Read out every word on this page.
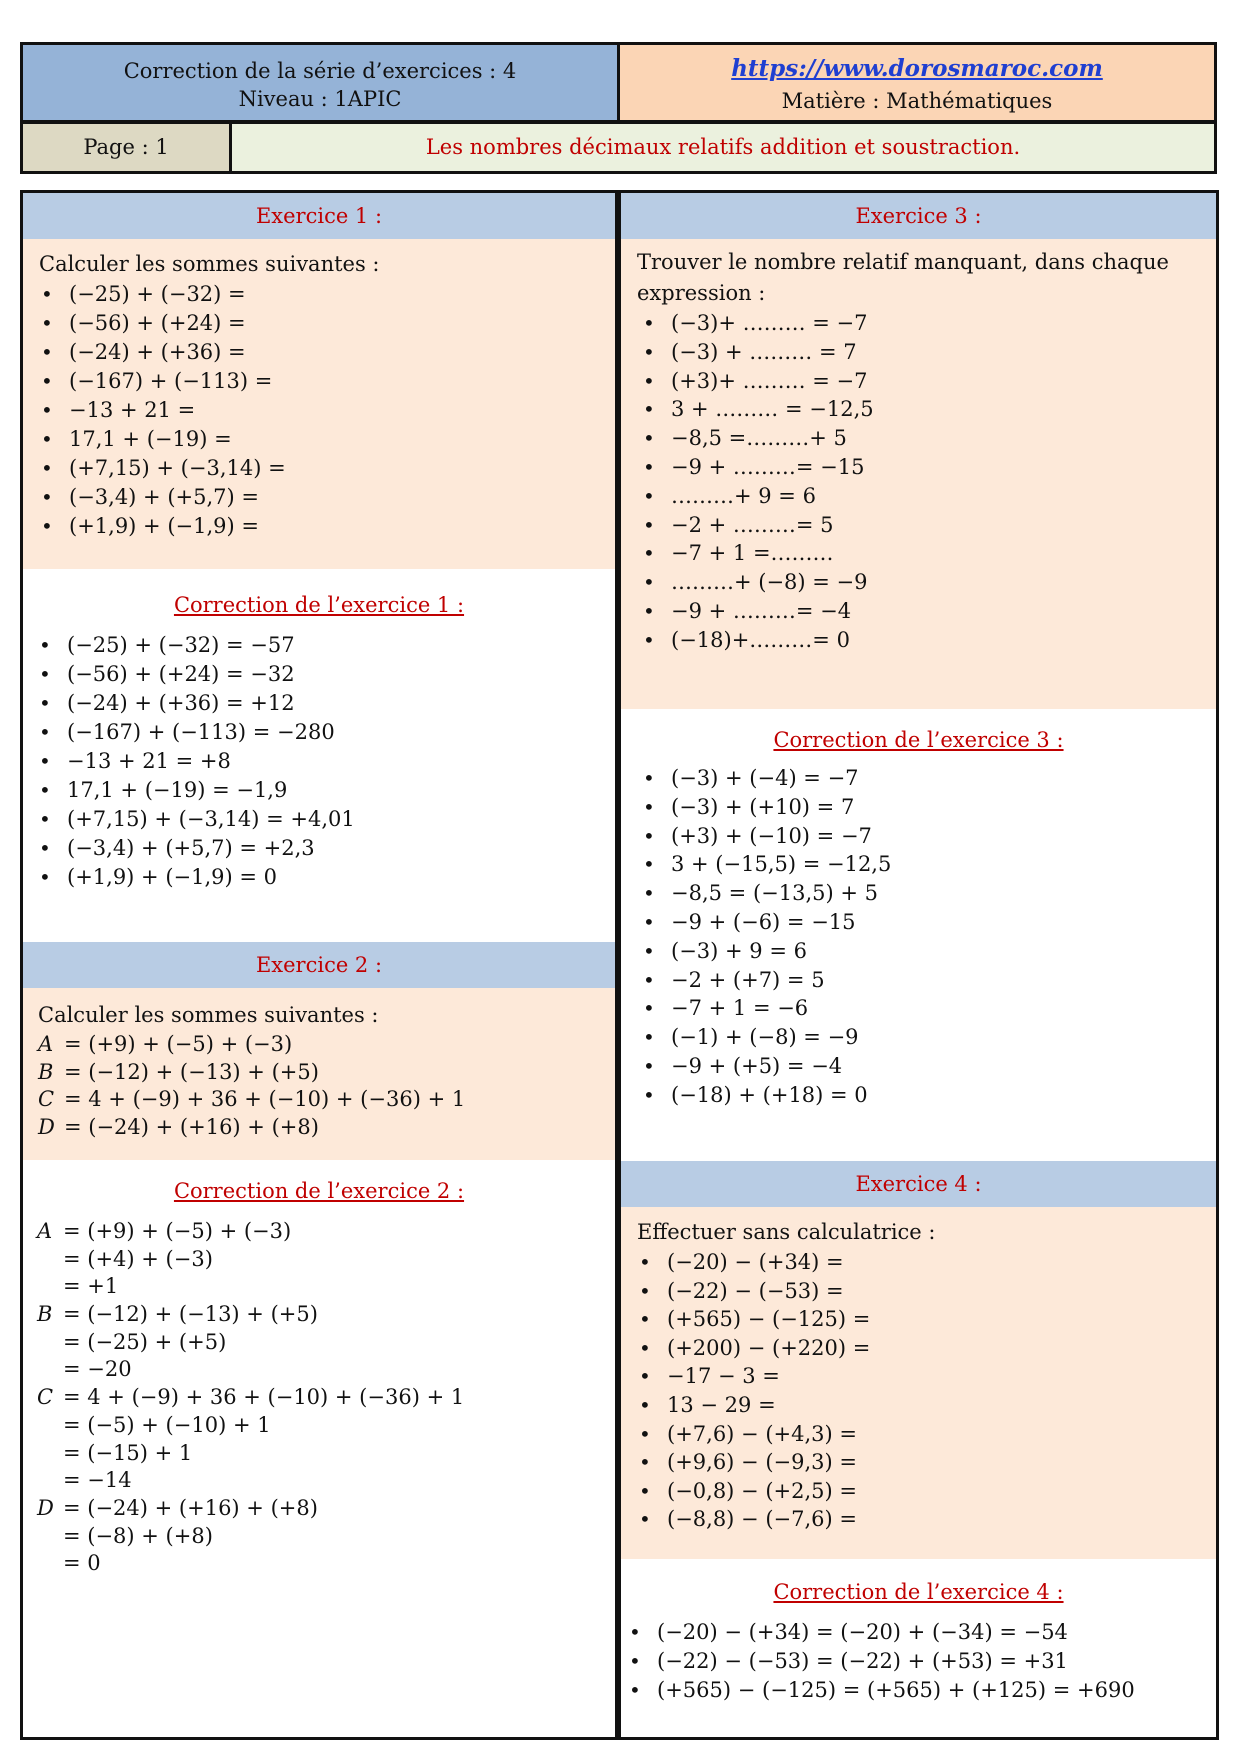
Correction de la série d’exercices : 4
Niveau : 1APIC
https://www.dorosmaroc.com
Matière : Mathématiques
Page : 1	Les nombres décimaux relatifs addition et soustraction.
Exercice 1 :
Calculer les sommes suivantes :
• (−25) + (−32) =
• (−56) + (+24) =
• (−24) + (+36) =
• (−167) + (−113) =
• −13 + 21 =
• 17,1 + (−19) =
• (+7,15) + (−3,14) =
• (−3,4) + (+5,7) =
• (+1,9) + (−1,9) =
Correction de l’exercice 1 :
• (−25) + (−32) = −57
• (−56) + (+24) = −32
• (−24) + (+36) = +12
• (−167) + (−113) = −280
• −13 + 21 = +8
• 17,1 + (−19) = −1,9
• (+7,15) + (−3,14) = +4,01
• (−3,4) + (+5,7) = +2,3
• (+1,9) + (−1,9) = 0
Exercice 2 :
Calculer les sommes suivantes :
A = (+9) + (−5) + (−3)
B = (−12) + (−13) + (+5)
C = 4 + (−9) + 36 + (−10) + (−36) + 1
D = (−24) + (+16) + (+8)
Correction de l’exercice 2 :
A = (+9) + (−5) + (−3)
= (+4) + (−3)
= +1
B = (−12) + (−13) + (+5)
= (−25) + (+5)
= −20
C = 4 + (−9) + 36 + (−10) + (−36) + 1
= (−5) + (−10) + 1
= (−15) + 1
= −14
D = (−24) + (+16) + (+8)
= (−8) + (+8)
= 0
Exercice 3 :
Trouver le nombre relatif manquant, dans chaque expression :
• (−3)+ ……… = −7
• (−3) + ……… = 7
• (+3)+ ……… = −7
• 3 + ……… = −12,5
• −8,5 =………+ 5
• −9 + ………= −15
• ………+ 9 = 6
• −2 + ………= 5
• −7 + 1 =………
• ………+ (−8) = −9
• −9 + ………= −4
• (−18)+………= 0
Correction de l’exercice 3 :
• (−3) + (−4) = −7
• (−3) + (+10) = 7
• (+3) + (−10) = −7
• 3 + (−15,5) = −12,5
• −8,5 = (−13,5) + 5
• −9 + (−6) = −15
• (−3) + 9 = 6
• −2 + (+7) = 5
• −7 + 1 = −6
• (−1) + (−8) = −9
• −9 + (+5) = −4
• (−18) + (+18) = 0
Exercice 4 :
Effectuer sans calculatrice :
• (−20) − (+34) =
• (−22) − (−53) =
• (+565) − (−125) =
• (+200) − (+220) =
• −17 − 3 =
• 13 − 29 =
• (+7,6) − (+4,3) =
• (+9,6) − (−9,3) =
• (−0,8) − (+2,5) =
• (−8,8) − (−7,6) =
Correction de l’exercice 4 :
• (−20) − (+34) = (−20) + (−34) = −54
• (−22) − (−53) = (−22) + (+53) = +31
• (+565) − (−125) = (+565) + (+125) = +690
